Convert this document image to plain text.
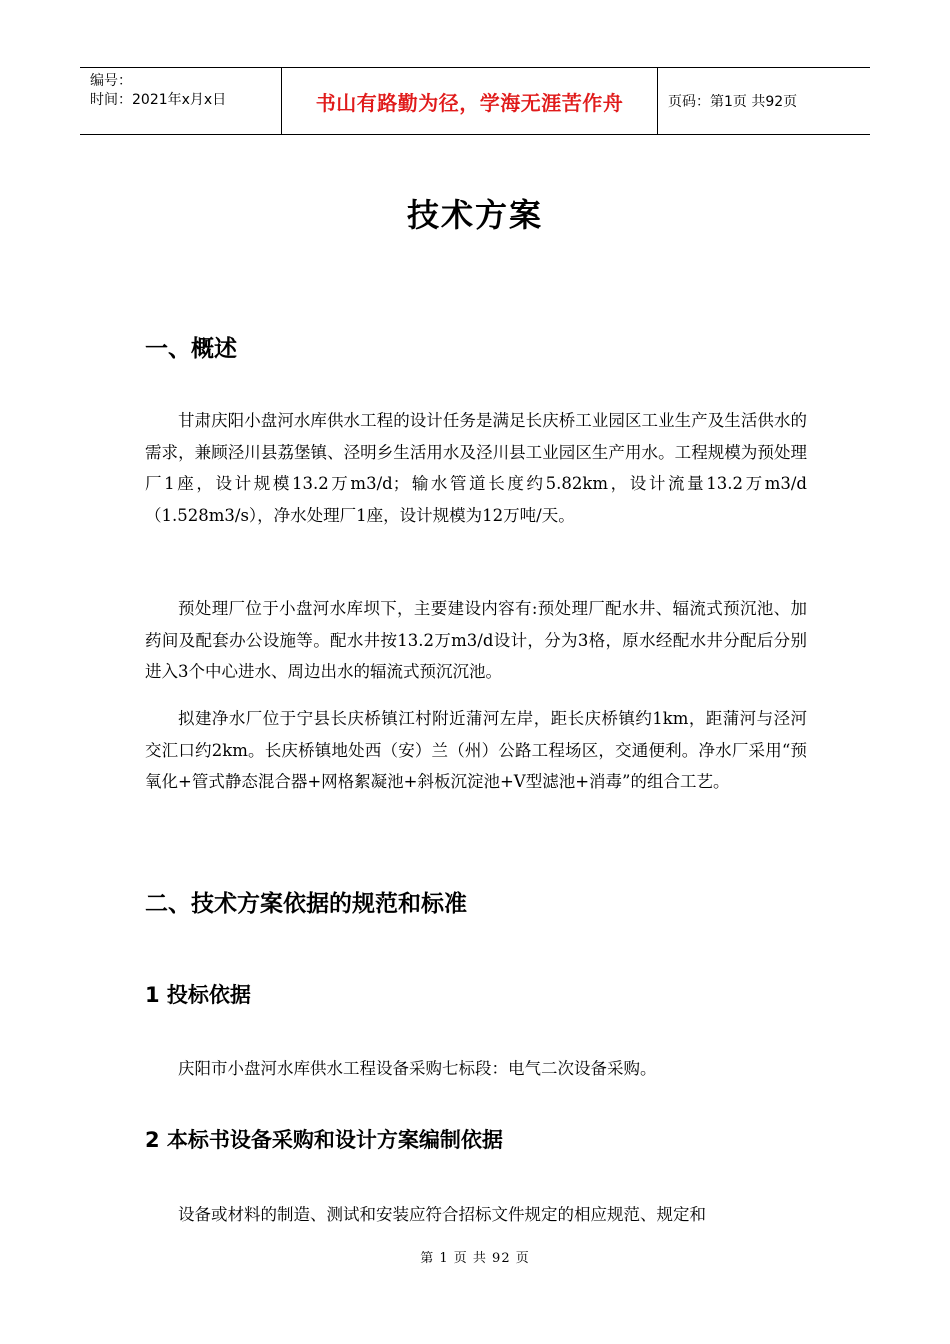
编号：
时间：2021年x月x日	书山有路勤为径，学海无涯苦作舟	页码：第1页 共92页
技术方案
一、概述

甘肃庆阳小盘河水库供水工程的设计任务是满足长庆桥工业园区工业生产及生活供水的需求，兼顾泾川县荔堡镇、泾明乡生活用水及泾川县工业园区生产用水。工程规模为预处理厂1座，设计规模13.2万m3/d；输水管道长度约5.82km，设计流量13.2万m3/d（1.528m3/s），净水处理厂1座，设计规模为12万吨/天。

预处理厂位于小盘河水库坝下，主要建设内容有:预处理厂配水井、辐流式预沉池、加药间及配套办公设施等。配水井按13.2万m3/d设计，分为3格，原水经配水井分配后分别进入3个中心进水、周边出水的辐流式预沉沉池。

拟建净水厂位于宁县长庆桥镇江村附近蒲河左岸，距长庆桥镇约1km，距蒲河与泾河交汇口约2km。长庆桥镇地处西（安）兰（州）公路工程场区，交通便利。净水厂采用“预氧化+管式静态混合器+网格絮凝池+斜板沉淀池+V型滤池+消毒”的组合工艺。

二、技术方案依据的规范和标准
1 投标依据

庆阳市小盘河水库供水工程设备采购七标段：电气二次设备采购。

2 本标书设备采购和设计方案编制依据

设备或材料的制造、测试和安装应符合招标文件规定的相应规范、规定和

第 1 页 共 92 页
